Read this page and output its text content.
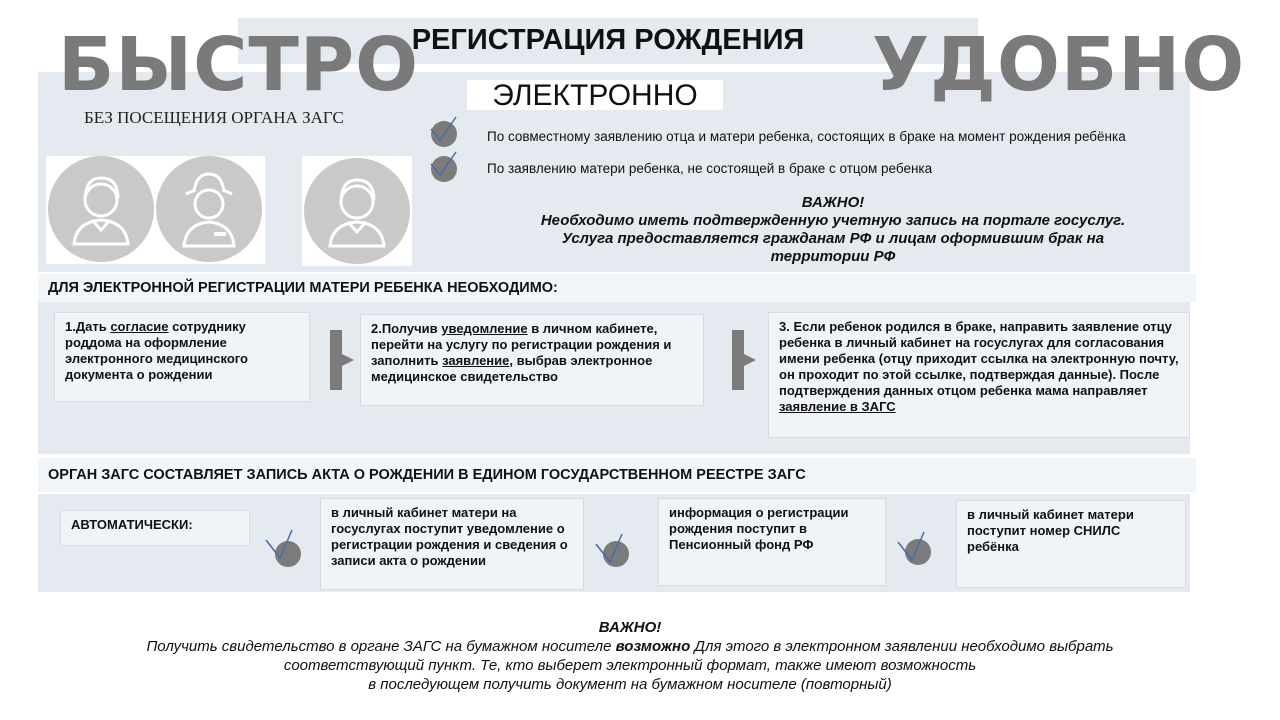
БЫСТРО
РЕГИСТРАЦИЯ РОЖДЕНИЯ УДОБНО
ЭЛЕКТРОННО
БЕЗ ПОСЕЩЕНИЯ ОРГАНА ЗАГС
По совместному заявлению отца и матери ребенка, состоящих в браке на момент рождения ребёнка
По заявлению матери ребенка, не состоящей в браке с отцом ребенка
ВАЖНО!
Необходимо иметь подтвержденную учетную запись на портале госуслуг.
Услуга предоставляется гражданам РФ и лицам оформившим брак на
территории РФ
ДЛЯ ЭЛЕКТРОННОЙ РЕГИСТРАЦИИ МАТЕРИ РЕБЕНКА НЕОБХОДИМО:
1.Дать согласие сотруднику роддома на оформление электронного медицинского документа о рождении
2.Получив уведомление в личном кабинете, перейти на услугу по регистрации рождения и заполнить заявление, выбрав электронное медицинское свидетельство
3. Если ребенок родился в браке, направить заявление отцу ребенка в личный кабинет на госуслугах для согласования имени ребенка (отцу приходит ссылка на электронную почту, он проходит по этой ссылке, подтверждая данные). После подтверждения данных отцом ребенка мама направляет заявление в ЗАГС
ОРГАН ЗАГС СОСТАВЛЯЕТ ЗАПИСЬ АКТА О РОЖДЕНИИ В ЕДИНОМ ГОСУДАРСТВЕННОМ РЕЕСТРЕ ЗАГС
АВТОМАТИЧЕСКИ:
в личный кабинет матери на госуслугах поступит уведомление о регистрации рождения и сведения о записи акта о рождении
информация о регистрации рождения поступит в Пенсионный фонд РФ
в личный кабинет матери поступит номер СНИЛС ребёнка
ВАЖНО!
Получить свидетельство в органе ЗАГС на бумажном носителе возможно Для этого в электронном заявлении необходимо выбрать
соответствующий пункт. Те, кто выберет электронный формат, также имеют возможность
в последующем получить документ на бумажном носителе (повторный)
